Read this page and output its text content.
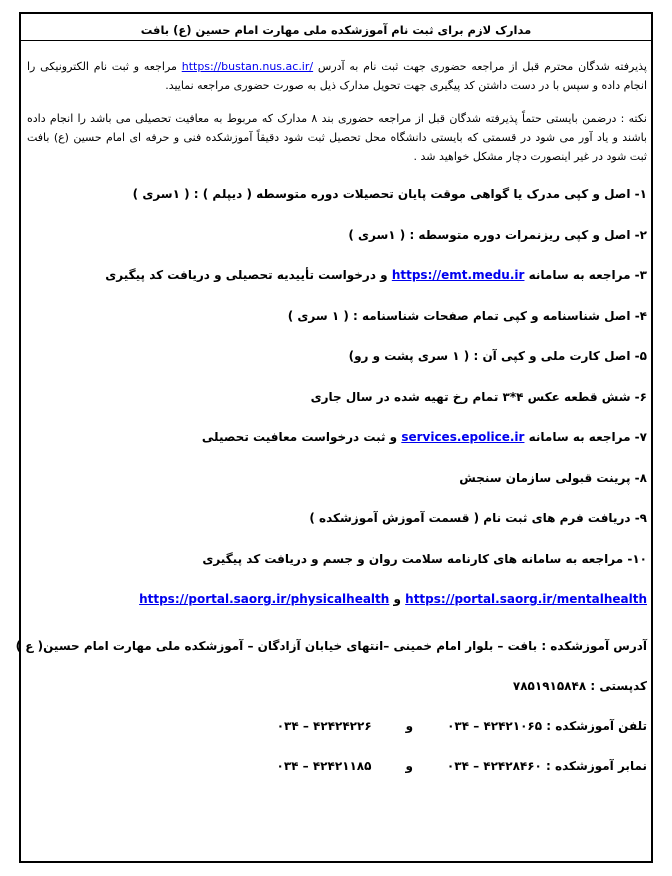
مدارک لازم برای ثبت نام آموزشکده ملی مهارت امام حسین (ع) بافت

پذیرفته شدگان محترم قبل از مراجعه حضوری جهت ثبت نام به آدرس https://bustan.nus.ac.ir/ مراجعه و ثبت نام الکترونیکی را انجام داده و سپس با در دست داشتن کد پیگیری جهت تحویل مدارک ذیل به صورت حضوری مراجعه نمایید.

نکته : درضمن بایستی حتماً پذیرفته شدگان قبل از مراجعه حضوری بند ۸ مدارک که مربوط به معافیت تحصیلی می باشد را انجام داده باشند و یاد آور می شود در قسمتی که بایستی دانشگاه محل تحصیل ثبت شود دقیقاً آموزشکده فنی و حرفه ای امام حسین (ع) بافت ثبت شود در غیر اینصورت دچار مشکل خواهید شد .

۱- اصل و کپی مدرک یا گواهی موقت پایان تحصیلات دوره متوسطه ( دیپلم ) : ( ۱سری )
۲- اصل و کپی ریزنمرات دوره متوسطه : ( ۱سری )
۳- مراجعه به سامانه https://emt.medu.ir و درخواست تأییدیه تحصیلی و دریافت کد پیگیری
۴- اصل شناسنامه و کپی تمام صفحات شناسنامه : ( ۱ سری )
۵- اصل کارت ملی و کپی آن : ( ۱ سری پشت و رو)
۶- شش قطعه عکس ۴*۳ تمام رخ تهیه شده در سال جاری
۷- مراجعه به سامانه services.epolice.ir و ثبت درخواست معافیت تحصیلی
۸- پرینت قبولی سازمان سنجش
۹- دریافت فرم های ثبت نام ( قسمت آموزش آموزشکده )
۱۰- مراجعه به سامانه های کارنامه سلامت روان و جسم و دریافت کد پیگیری
https://portal.saorg.ir/mentalhealth و https://portal.saorg.ir/physicalhealth
آدرس آموزشکده : بافت – بلوار امام خمینی –انتهای خیابان آزادگان – آموزشکده ملی مهارت امام حسین( ع )
کدپستی : ۷۸۵۱۹۱۵۸۴۸
تلفن آموزشکده : ۴۲۴۲۱۰۶۵ – ۰۳۴و۴۲۴۲۴۲۲۶ – ۰۳۴
نمابر آموزشکده : ۴۲۴۲۸۴۶۰ – ۰۳۴و۴۲۴۲۱۱۸۵ – ۰۳۴
